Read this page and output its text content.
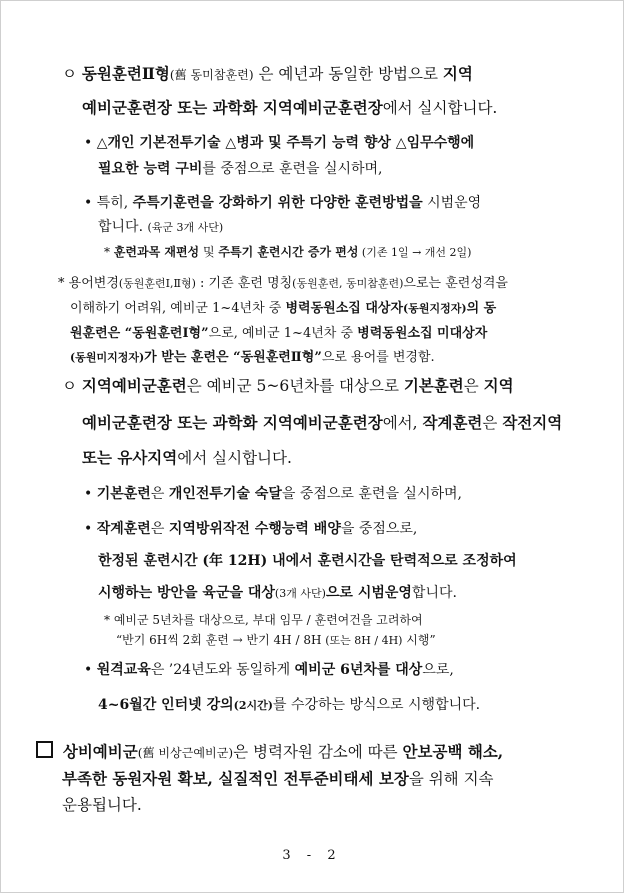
ㅇ 동원훈련Ⅱ형(舊 동미참훈련) 은 예년과 동일한 방법으로 지역
예비군훈련장 또는 과학화 지역예비군훈련장에서 실시합니다.
• △개인 기본전투기술 △병과 및 주특기 능력 향상 △임무수행에
필요한 능력 구비를 중점으로 훈련을 실시하며,
• 특히, 주특기훈련을 강화하기 위한 다양한 훈련방법을 시범운영
합니다. (육군 3개 사단)
* 훈련과목 재편성 및 주특기 훈련시간 증가 편성 (기존 1일 → 개선 2일)
* 용어변경(동원훈련Ⅰ,Ⅱ형) : 기존 훈련 명칭(동원훈련, 동미참훈련)으로는 훈련성격을
이해하기 어려워, 예비군 1~4년차 중 병력동원소집 대상자(동원지정자)의 동
원훈련은 “동원훈련Ⅰ형”으로, 예비군 1~4년차 중 병력동원소집 미대상자
(동원미지정자)가 받는 훈련은 “동원훈련Ⅱ형”으로 용어를 변경함.
ㅇ 지역예비군훈련은 예비군 5~6년차를 대상으로 기본훈련은 지역
예비군훈련장 또는 과학화 지역예비군훈련장에서, 작계훈련은 작전지역
또는 유사지역에서 실시합니다.
• 기본훈련은 개인전투기술 숙달을 중점으로 훈련을 실시하며,
• 작계훈련은 지역방위작전 수행능력 배양을 중점으로,
한정된 훈련시간 (年 12H) 내에서 훈련시간을 탄력적으로 조정하여
시행하는 방안을 육군을 대상(3개 사단)으로 시범운영합니다.
* 예비군 5년차를 대상으로, 부대 임무 / 훈련여건을 고려하여
“반기 6H씩 2회 훈련 → 반기 4H / 8H (또는 8H / 4H) 시행”
• 원격교육은 ’24년도와 동일하게 예비군 6년차를 대상으로,
4~6월간 인터넷 강의(2시간)를 수강하는 방식으로 시행합니다.
상비예비군(舊 비상근예비군)은 병력자원 감소에 따른 안보공백 해소,
부족한 동원자원 확보, 실질적인 전투준비태세 보장을 위해 지속
운용됩니다.
3 - 2
